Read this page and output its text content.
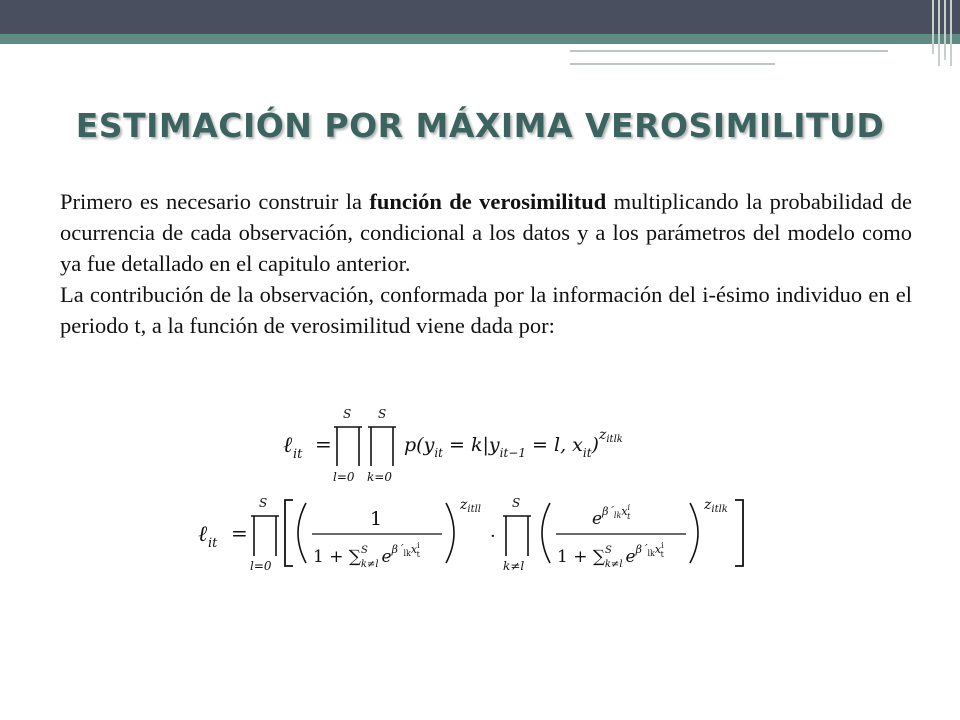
ESTIMACIÓN POR MÁXIMA VEROSIMILITUD

Primero es necesario construir la función de verosimilitud multiplicando la probabilidad de ocurrencia de cada observación, condicional a los datos y a los parámetros del modelo como ya fue detallado en el capitulo anterior.

La contribución de la observación, conformada por la información del i-ésimo individuo en el periodo t, a la función de verosimilitud viene dada por:

ℓ it =
S
l=0
S
k=0
$p(y_{it} = k|y_{it-1} = l$, $x_{it})^zitlk$
ℓ it =
S
l=0
1
1 + ∑$^S$ k≠l $e^{\beta´}lkx^i$ t
$z_{itll}$
·
S
k≠l
$e^{\beta´}lkx^i$ t
1 + ∑$^S$ k≠l $e^{\beta´}lkx^i$ t
$z_{itlk}$
